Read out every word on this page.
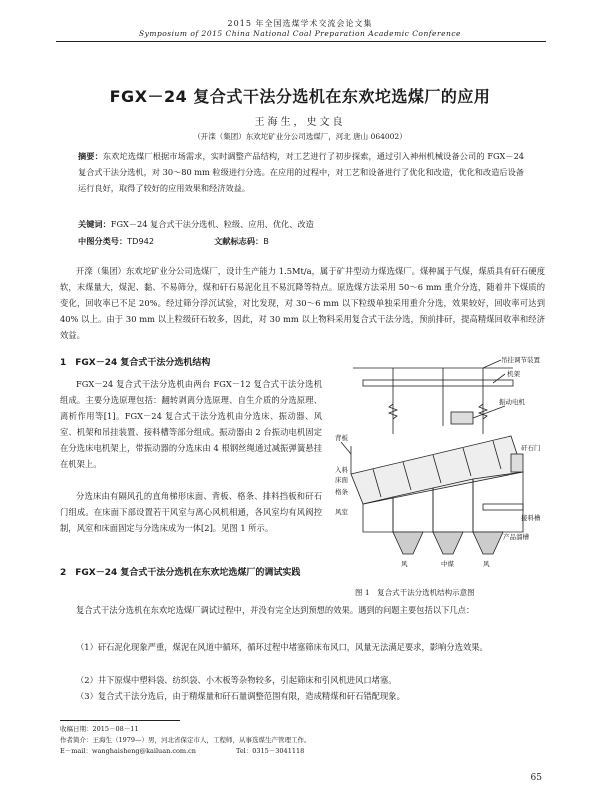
2015 年全国选煤学术交流会论文集
Symposium of 2015 China National Coal Preparation Academic Conference
FGX－24 复合式干法分选机在东欢坨选煤厂的应用
王海生，史文良
（开滦（集团）东欢坨矿业分公司选煤厂，河北 唐山 064002）
摘要：东欢坨选煤厂根据市场需求，实时调整产品结构，对工艺进行了初步探索，通过引入神州机械设备公司的 FGX－24 复合式干法分选机，对 30～80 mm 粒级进行分选。在应用的过程中，对工艺和设备进行了优化和改造，优化和改造后设备运行良好，取得了较好的应用效果和经济效益。
关键词：FGX－24 复合式干法分选机、粒级、应用、优化、改造
中图分类号：TD942	文献标志码：B
开滦（集团）东欢坨矿业分公司选煤厂，设计生产能力 1.5Mt/a，属于矿井型动力煤选煤厂。煤种属于气煤，煤质具有矸石硬度软，末煤量大，煤泥、黏、不易筛分，煤和矸石易泥化且不易沉降等特点。原选煤方法采用 50～6 mm 重介分选，随着井下煤质的变化，回收率已不足 20%。经过筛分浮沉试验，对比发现，对 30～6 mm 以下粒级单独采用重介分选，效果较好，回收率可达到 40% 以上。由于 30 mm 以上粒级矸石较多，因此，对 30 mm 以上物料采用复合式干法分选，预前排矸，提高精煤回收率和经济效益。
1　FGX－24 复合式干法分选机结构
FGX－24 复合式干法分选机由两台 FGX－12 复合式干法分选机组成。主要分选原理包括：翻转剥离分选原理、自生介质的分选原理、离析作用等[1]。FGX－24 复合式干法分选机由分选床、振动器、风室、机架和吊挂装置、接料槽等部分组成。振动器由 2 台振动电机固定在分选床电机架上，带振动器的分选床由 4 根钢丝绳通过减振弹簧悬挂在机架上。
分选床由有隔风孔的直角梯形床面、背板、格条、排料挡板和矸石门组成。在床面下部设置若干风室与离心风机相通，各风室均有风阀控制，风室和床面固定与分选床成为一体[2]。见图 1 所示。
吊挂调节装置
机架
振动电机
背板
入料
床面
格条
风室
矸石门
接料槽
产品溜槽
风	中煤	风
图 1　复合式干法分选机结构示意图
2　FGX－24 复合式干法分选机在东欢坨选煤厂的调试实践
复合式干法分选机在东欢坨选煤厂调试过程中，并没有完全达到预想的效果。遇到的问题主要包括以下几点：
（1）矸石泥化现象严重，煤泥在风道中循环，循环过程中堵塞筛床布风口，风量无法满足要求，影响分选效果。
（2）井下原煤中塑料袋、纺织袋、小木板等杂物较多，引起筛床和引风机进风口堵塞。
（3）复合式干法分选后，由于精煤量和矸石量调整范围有限，造成精煤和矸石错配现象。
收稿日期：2015－08－11
作者简介：王海生（1979—）男，河北省保定市人，工程师，从事选煤生产管理工作。
E－mail：wanghaisheng@kailuan.com.cn	Tel：0315－3041118
65
